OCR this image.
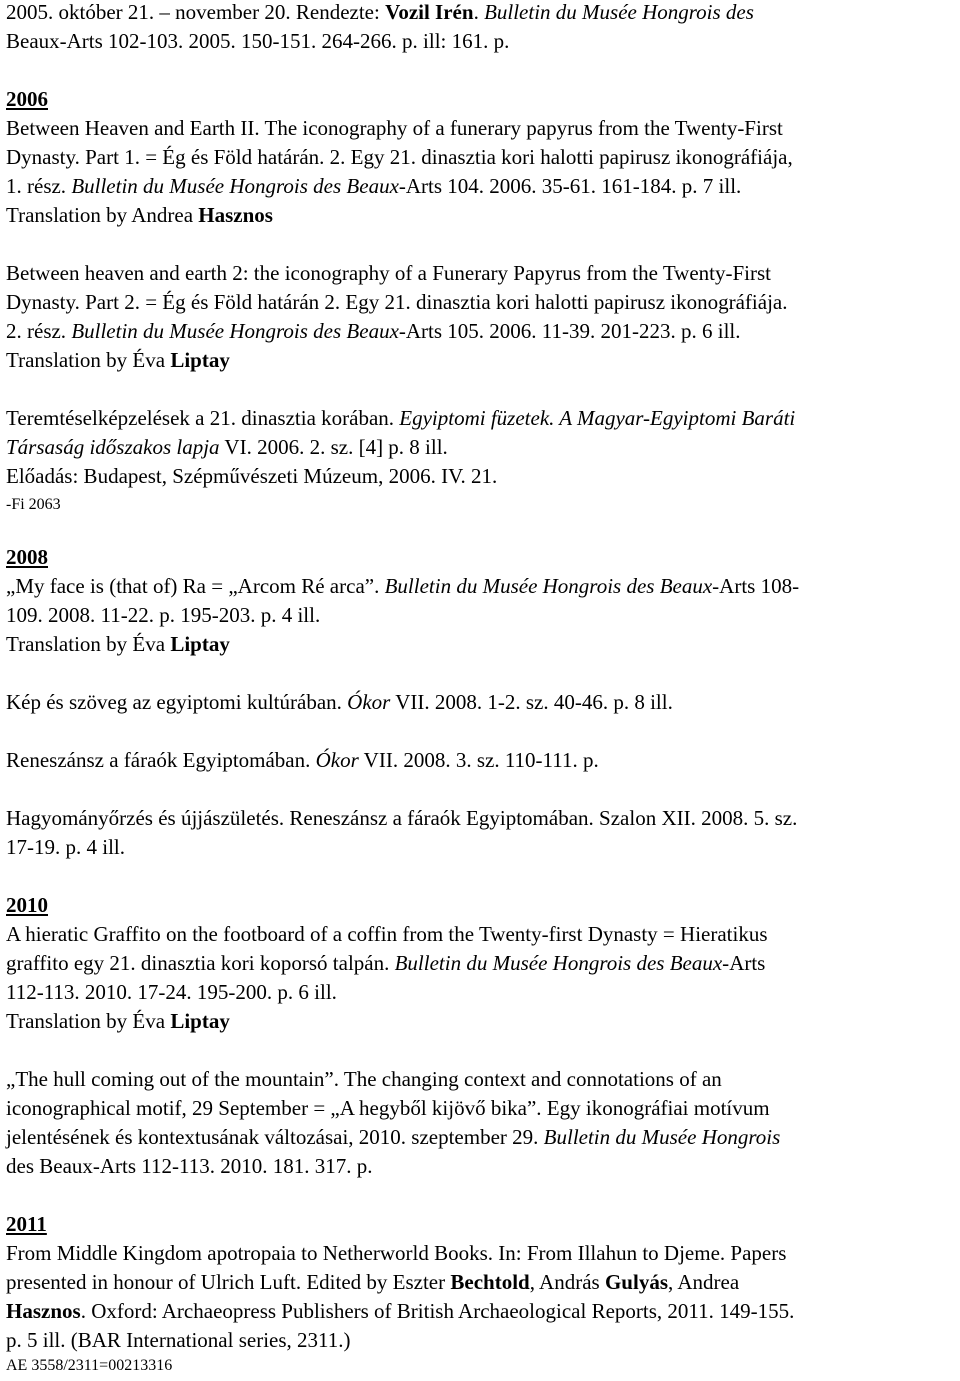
2005. október 21. – november 20. Rendezte: Vozil Irén. Bulletin du Musée Hongrois des
Beaux-Arts 102-103. 2005. 150-151. 264-266. p. ill: 161. p.
2006
Between Heaven and Earth II. The iconography of a funerary papyrus from the Twenty-First
Dynasty. Part 1. = Ég és Föld határán. 2. Egy 21. dinasztia kori halotti papirusz ikonográfiája,
1. rész. Bulletin du Musée Hongrois des Beaux-Arts 104. 2006. 35-61. 161-184. p. 7 ill.
Translation by Andrea Hasznos
Between heaven and earth 2: the iconography of a Funerary Papyrus from the Twenty-First
Dynasty. Part 2. = Ég és Föld határán 2. Egy 21. dinasztia kori halotti papirusz ikonográfiája.
2. rész. Bulletin du Musée Hongrois des Beaux-Arts 105. 2006. 11-39. 201-223. p. 6 ill.
Translation by Éva Liptay
Teremtéselképzelések a 21. dinasztia korában. Egyiptomi füzetek. A Magyar-Egyiptomi Baráti
Társaság időszakos lapja VI. 2006. 2. sz. [4] p. 8 ill.
Előadás: Budapest, Szépművészeti Múzeum, 2006. IV. 21.
-Fi 2063
2008
„My face is (that of) Ra = „Arcom Ré arca”. Bulletin du Musée Hongrois des Beaux-Arts 108-
109. 2008. 11-22. p. 195-203. p. 4 ill.
Translation by Éva Liptay
Kép és szöveg az egyiptomi kultúrában. Ókor VII. 2008. 1-2. sz. 40-46. p. 8 ill.
Reneszánsz a fáraók Egyiptomában. Ókor VII. 2008. 3. sz. 110-111. p.
Hagyományőrzés és újjászületés. Reneszánsz a fáraók Egyiptomában. Szalon XII. 2008. 5. sz.
17-19. p. 4 ill.
2010
A hieratic Graffito on the footboard of a coffin from the Twenty-first Dynasty = Hieratikus
graffito egy 21. dinasztia kori koporsó talpán. Bulletin du Musée Hongrois des Beaux-Arts
112-113. 2010. 17-24. 195-200. p. 6 ill.
Translation by Éva Liptay
„The hull coming out of the mountain”. The changing context and connotations of an
iconographical motif, 29 September = „A hegyből kijövő bika”. Egy ikonográfiai motívum
jelentésének és kontextusának változásai, 2010. szeptember 29. Bulletin du Musée Hongrois
des Beaux-Arts 112-113. 2010. 181. 317. p.
2011
From Middle Kingdom apotropaia to Netherworld Books. In: From Illahun to Djeme. Papers
presented in honour of Ulrich Luft. Edited by Eszter Bechtold, András Gulyás, Andrea
Hasznos. Oxford: Archaeopress Publishers of British Archaeological Reports, 2011. 149-155.
p. 5 ill. (BAR International series, 2311.)
AE 3558/2311=00213316
